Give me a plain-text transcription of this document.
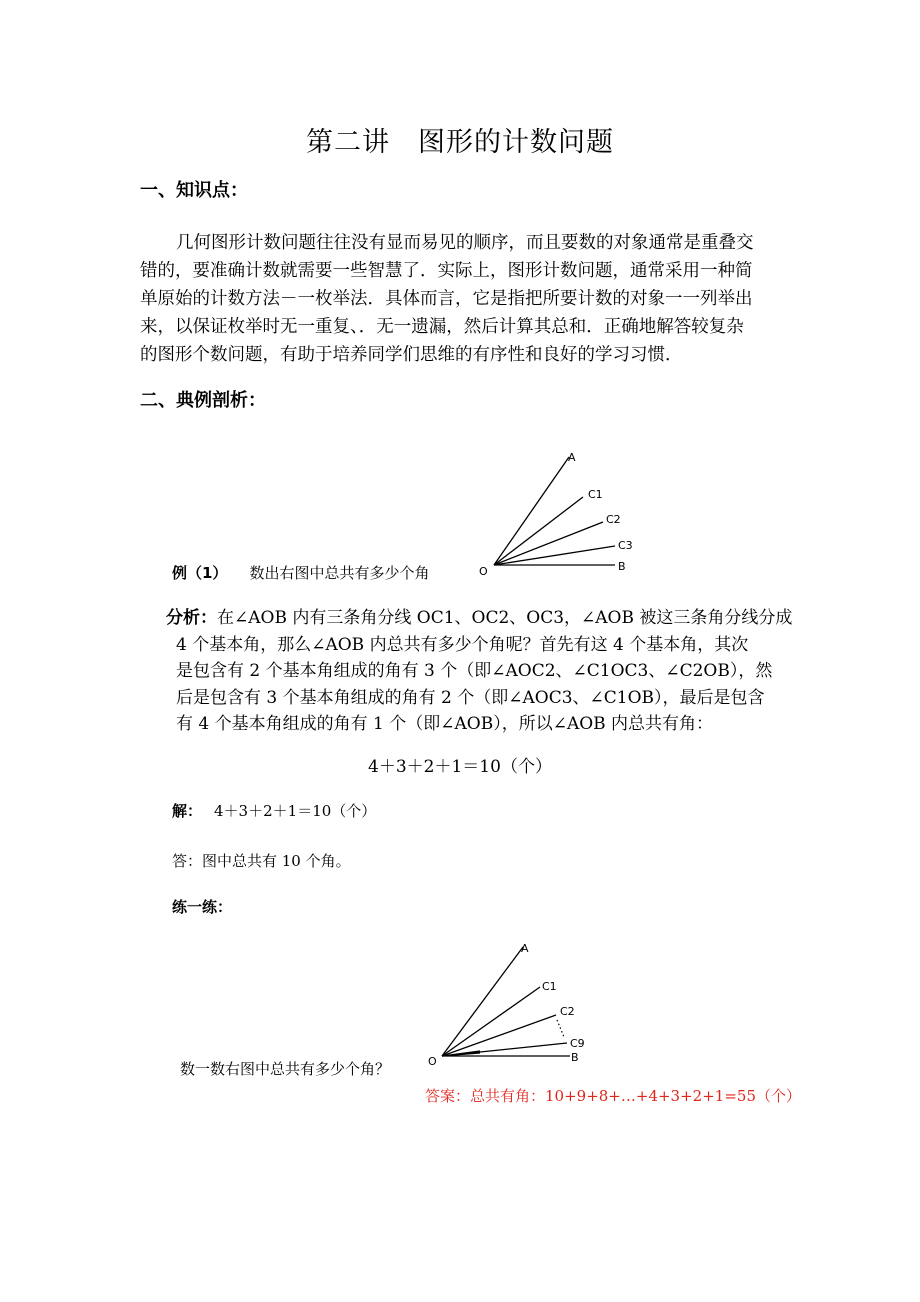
第二讲　图形的计数问题
一、知识点：
几何图形计数问题往往没有显而易见的顺序，而且要数的对象通常是重叠交
错的，要准确计数就需要一些智慧了．实际上，图形计数问题，通常采用一种简
单原始的计数方法－一枚举法．具体而言，它是指把所要计数的对象一一列举出
来，以保证枚举时无一重复、．无一遗漏，然后计算其总和．正确地解答较复杂
的图形个数问题，有助于培养同学们思维的有序性和良好的学习习惯．
二、典例剖析：
A
C1
C2
C3
O	B
例（1） 数出右图中总共有多少个角
分析：在∠AOB 内有三条角分线 OC1、OC2、OC3，∠AOB 被这三条角分线分成
4 个基本角，那么∠AOB 内总共有多少个角呢？首先有这 4 个基本角，其次
是包含有 2 个基本角组成的角有 3 个（即∠AOC2、∠C1OC3、∠C2OB），然
后是包含有 3 个基本角组成的角有 2 个（即∠AOC3、∠C1OB），最后是包含
有 4 个基本角组成的角有 1 个（即∠AOB），所以∠AOB 内总共有角：
4＋3＋2＋1＝10（个）
解： 4＋3＋2＋1＝10（个）
答：图中总共有 10 个角。
练一练：
A
C1
C2
C9
O	B
数一数右图中总共有多少个角？
答案：总共有角：10+9+8+…+4+3+2+1=55（个）
